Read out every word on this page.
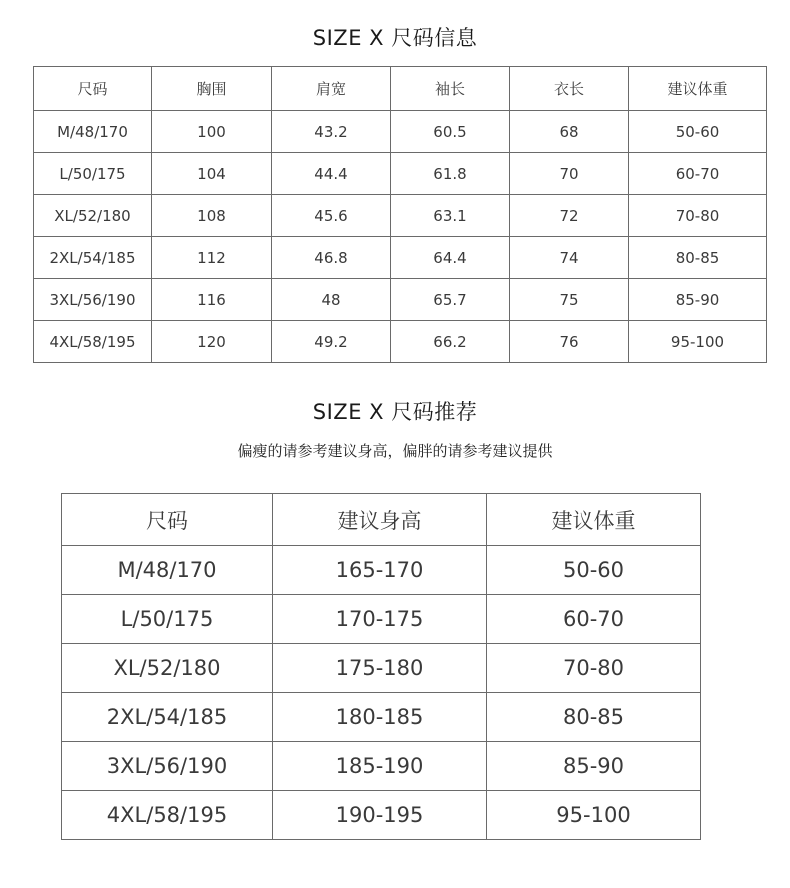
SIZE X 尺码信息
尺码	胸围	肩宽	袖长	衣长	建议体重
M/48/170	100	43.2	60.5	68	50-60
L/50/175	104	44.4	61.8	70	60-70
XL/52/180	108	45.6	63.1	72	70-80
2XL/54/185	112	46.8	64.4	74	80-85
3XL/56/190	116	48	65.7	75	85-90
4XL/58/195	120	49.2	66.2	76	95-100
SIZE X 尺码推荐
偏瘦的请参考建议身高，偏胖的请参考建议提供
尺码	建议身高	建议体重
M/48/170	165-170	50-60
L/50/175	170-175	60-70
XL/52/180	175-180	70-80
2XL/54/185	180-185	80-85
3XL/56/190	185-190	85-90
4XL/58/195	190-195	95-100
